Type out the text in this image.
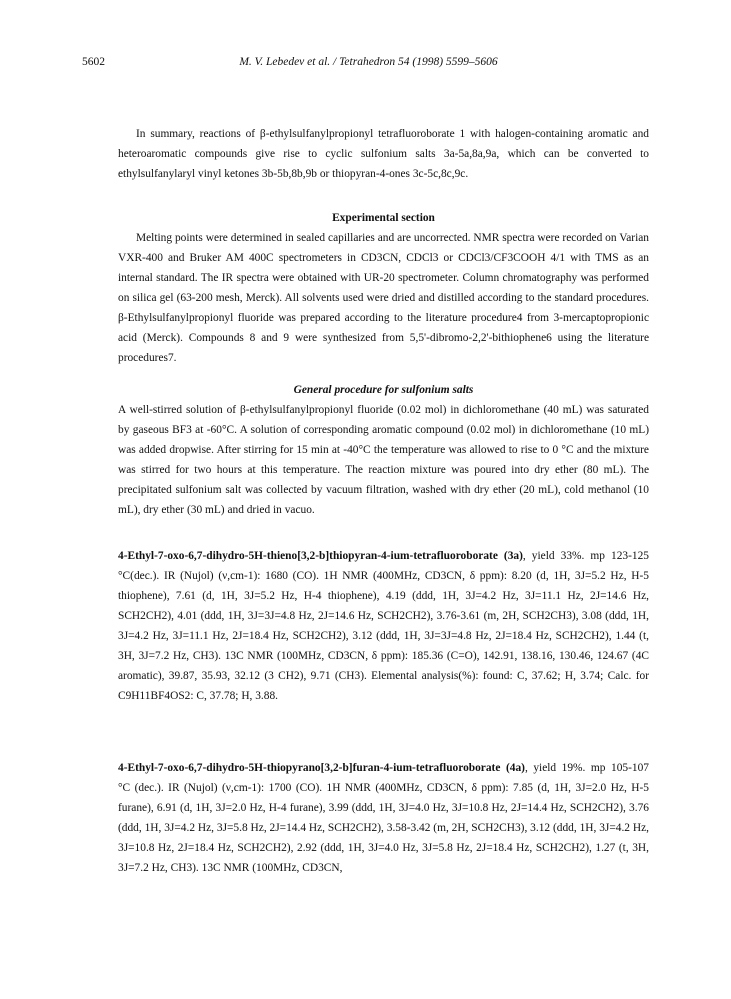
5602	M. V. Lebedev et al. / Tetrahedron 54 (1998) 5599–5606

In summary, reactions of β-ethylsulfanylpropionyl tetrafluoroborate 1 with halogen-containing aromatic and heteroaromatic compounds give rise to cyclic sulfonium salts 3a-5a,8a,9a, which can be converted to ethylsulfanylaryl vinyl ketones 3b-5b,8b,9b or thiopyran-4-ones 3c-5c,8c,9c.

Experimental section

Melting points were determined in sealed capillaries and are uncorrected. NMR spectra were recorded on Varian VXR-400 and Bruker AM 400C spectrometers in CD3CN, CDCl3 or CDCl3/CF3COOH 4/1 with TMS as an internal standard. The IR spectra were obtained with UR-20 spectrometer. Column chromatography was performed on silica gel (63-200 mesh, Merck). All solvents used were dried and distilled according to the standard procedures. β-Ethylsulfanylpropionyl fluoride was prepared according to the literature procedure4 from 3-mercaptopropionic acid (Merck). Compounds 8 and 9 were synthesized from 5,5'-dibromo-2,2'-bithiophene6 using the literature procedures7.

General procedure for sulfonium salts

A well-stirred solution of β-ethylsulfanylpropionyl fluoride (0.02 mol) in dichloromethane (40 mL) was saturated by gaseous BF3 at -60°C. A solution of corresponding aromatic compound (0.02 mol) in dichloromethane (10 mL) was added dropwise. After stirring for 15 min at -40°C the temperature was allowed to rise to 0 °C and the mixture was stirred for two hours at this temperature. The reaction mixture was poured into dry ether (80 mL). The precipitated sulfonium salt was collected by vacuum filtration, washed with dry ether (20 mL), cold methanol (10 mL), dry ether (30 mL) and dried in vacuo.

4-Ethyl-7-oxo-6,7-dihydro-5H-thieno[3,2-b]thiopyran-4-ium-tetrafluoroborate (3a), yield 33%. mp 123-125 °C(dec.). IR (Nujol) (ν,cm-1): 1680 (CO). 1H NMR (400MHz, CD3CN, δ ppm): 8.20 (d, 1H, 3J=5.2 Hz, H-5 thiophene), 7.61 (d, 1H, 3J=5.2 Hz, H-4 thiophene), 4.19 (ddd, 1H, 3J=4.2 Hz, 3J=11.1 Hz, 2J=14.6 Hz, SCH2CH2), 4.01 (ddd, 1H, 3J=3J=4.8 Hz, 2J=14.6 Hz, SCH2CH2), 3.76-3.61 (m, 2H, SCH2CH3), 3.08 (ddd, 1H, 3J=4.2 Hz, 3J=11.1 Hz, 2J=18.4 Hz, SCH2CH2), 3.12 (ddd, 1H, 3J=3J=4.8 Hz, 2J=18.4 Hz, SCH2CH2), 1.44 (t, 3H, 3J=7.2 Hz, CH3). 13C NMR (100MHz, CD3CN, δ ppm): 185.36 (C=O), 142.91, 138.16, 130.46, 124.67 (4C aromatic), 39.87, 35.93, 32.12 (3 CH2), 9.71 (CH3). Elemental analysis(%): found: C, 37.62; H, 3.74; Calc. for C9H11BF4OS2: C, 37.78; H, 3.88.

4-Ethyl-7-oxo-6,7-dihydro-5H-thiopyrano[3,2-b]furan-4-ium-tetrafluoroborate (4a), yield 19%. mp 105-107 °C (dec.). IR (Nujol) (ν,cm-1): 1700 (CO). 1H NMR (400MHz, CD3CN, δ ppm): 7.85 (d, 1H, 3J=2.0 Hz, H-5 furane), 6.91 (d, 1H, 3J=2.0 Hz, H-4 furane), 3.99 (ddd, 1H, 3J=4.0 Hz, 3J=10.8 Hz, 2J=14.4 Hz, SCH2CH2), 3.76 (ddd, 1H, 3J=4.2 Hz, 3J=5.8 Hz, 2J=14.4 Hz, SCH2CH2), 3.58-3.42 (m, 2H, SCH2CH3), 3.12 (ddd, 1H, 3J=4.2 Hz, 3J=10.8 Hz, 2J=18.4 Hz, SCH2CH2), 2.92 (ddd, 1H, 3J=4.0 Hz, 3J=5.8 Hz, 2J=18.4 Hz, SCH2CH2), 1.27 (t, 3H, 3J=7.2 Hz, CH3). 13C NMR (100MHz, CD3CN,
